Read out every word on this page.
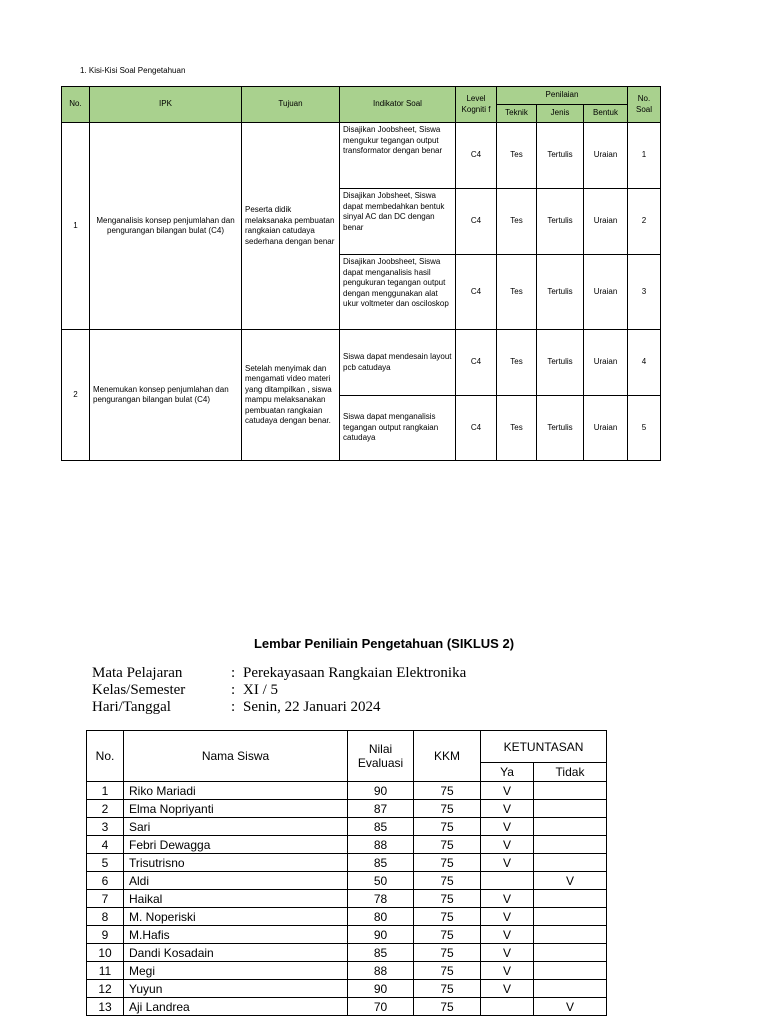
1. Kisi-Kisi Soal Pengetahuan
No.	IPK	Tujuan	Indikator Soal	Level Kogniti f	Penilaian			No. Soal
					Teknik	Jenis	Bentuk	
1	Menganalisis konsep penjumlahan dan pengurangan bilangan bulat (C4)	Peserta didik melaksanaka pembuatan rangkaian catudaya sederhana dengan benar	Disajikan Joobsheet, Siswa mengukur tegangan output transformator dengan benar	C4	Tes	Tertulis	Uraian	1
			Disajikan Jobsheet, Siswa dapat membedahkan bentuk sinyal AC dan DC dengan benar	C4	Tes	Tertulis	Uraian	2
			Disajikan Joobsheet, Siswa dapat menganalisis hasil pengukuran tegangan output dengan menggunakan alat ukur voltmeter dan osciloskop	C4	Tes	Tertulis	Uraian	3
2	Menemukan konsep penjumlahan dan pengurangan bilangan bulat (C4)	Setelah menyimak dan mengamati video materi yang ditampilkan , siswa mampu melaksanakan pembuatan rangkaian catudaya dengan benar.	Siswa dapat mendesain layout pcb catudaya	C4	Tes	Tertulis	Uraian	4
			Siswa dapat menganalisis tegangan output rangkaian catudaya	C4	Tes	Tertulis	Uraian	5
Lembar Peniliain Pengetahuan (SIKLUS 2)
Mata Pelajaran	: Perekayasaan Rangkaian Elektronika
Kelas/Semester	: XI / 5
Hari/Tanggal	: Senin, 22 Januari 2024
No.	Nama Siswa	Nilai Evaluasi	KKM	KETUNTASAN	
				Ya	Tidak
1	Riko Mariadi	90	75	V	
2	Elma Nopriyanti	87	75	V	
3	Sari	85	75	V	
4	Febri Dewagga	88	75	V	
5	Trisutrisno	85	75	V	
6	Aldi	50	75		V
7	Haikal	78	75	V	
8	M. Noperiski	80	75	V	
9	M.Hafis	90	75	V	
10	Dandi Kosadain	85	75	V	
11	Megi	88	75	V	
12	Yuyun	90	75	V	
13	Aji Landrea	70	75		V
